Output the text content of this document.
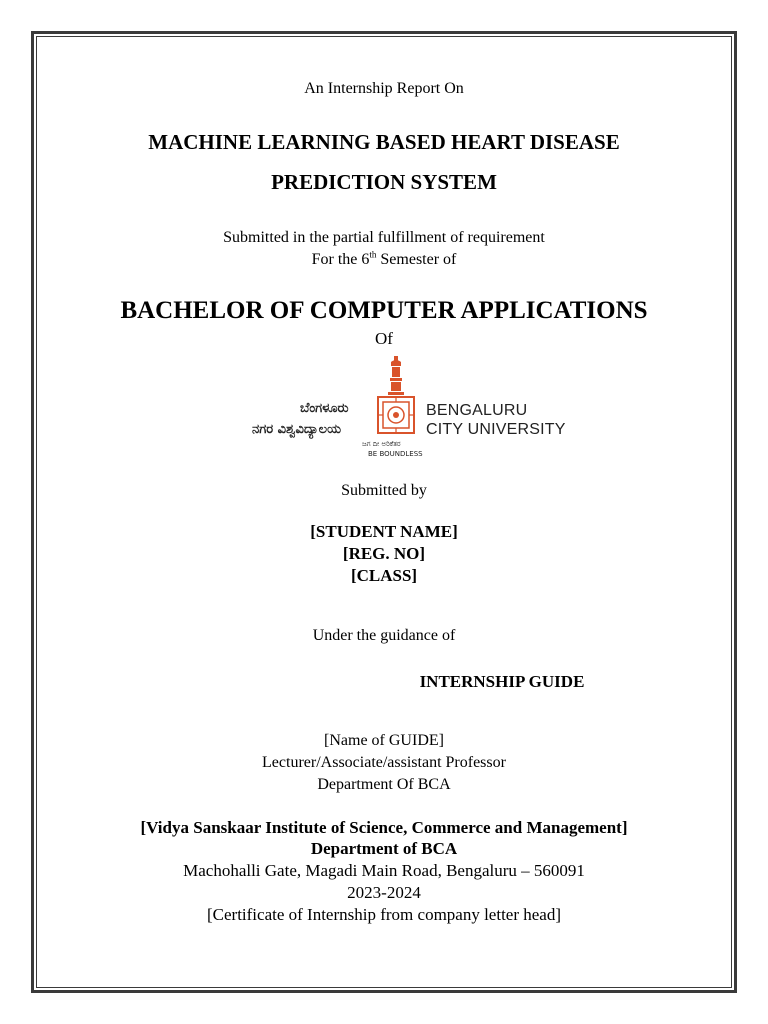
An Internship Report On
MACHINE LEARNING BASED HEART DISEASE
PREDICTION SYSTEM
Submitted in the partial fulfillment of requirement
For the 6th Semester of
BACHELOR OF COMPUTER APPLICATIONS
Of
ಬೆಂಗಳೂರು
ನಗರ ವಿಶ್ವವಿದ್ಯಾಲಯ
BENGALURU
CITY UNIVERSITY
ಜಗ ದೀ ಅರಿಕೆತರ
BE BOUNDLESS
Submitted by
[STUDENT NAME]
[REG. NO]
[CLASS]
Under the guidance of
INTERNSHIP GUIDE
[Name of GUIDE]
Lecturer/Associate/assistant Professor
Department Of BCA
[Vidya Sanskaar Institute of Science, Commerce and Management]
Department of BCA
Machohalli Gate, Magadi Main Road, Bengaluru – 560091
2023-2024
[Certificate of Internship from company letter head]
